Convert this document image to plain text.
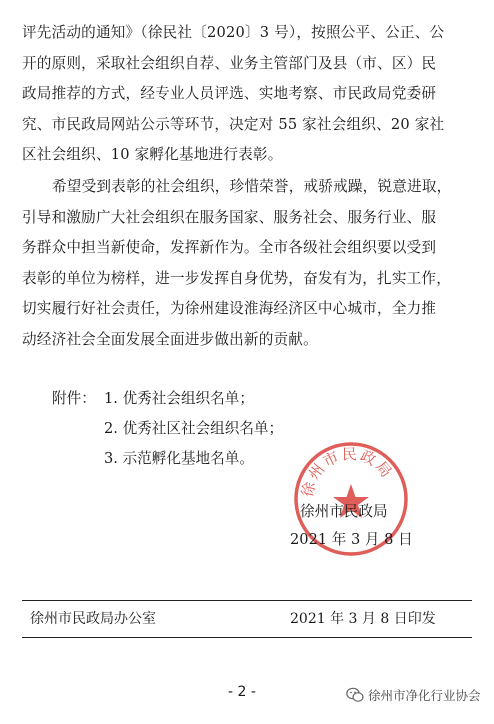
评先活动的通知》（徐民社〔2020〕3 号），按照公平、公正、公
开的原则，采取社会组织自荐、业务主管部门及县（市、区）民
政局推荐的方式，经专业人员评选、实地考察、市民政局党委研
究、市民政局网站公示等环节，决定对 55 家社会组织、20 家社
区社会组织、10 家孵化基地进行表彰。
希望受到表彰的社会组织，珍惜荣誉，戒骄戒躁，锐意进取，
引导和激励广大社会组织在服务国家、服务社会、服务行业、服
务群众中担当新使命，发挥新作为。全市各级社会组织要以受到
表彰的单位为榜样，进一步发挥自身优势，奋发有为，扎实工作，
切实履行好社会责任，为徐州建设淮海经济区中心城市，全力推
动经济社会全面发展全面进步做出新的贡献。
附件： 1. 优秀社会组织名单；
2. 优秀社区社会组织名单；
3. 示范孵化基地名单。
徐州市民政局
徐州市民政局
2021 年 3 月 8 日
徐州市民政局办公室	2021 年 3 月 8 日印发
- 2 -	徐州市净化行业协会
